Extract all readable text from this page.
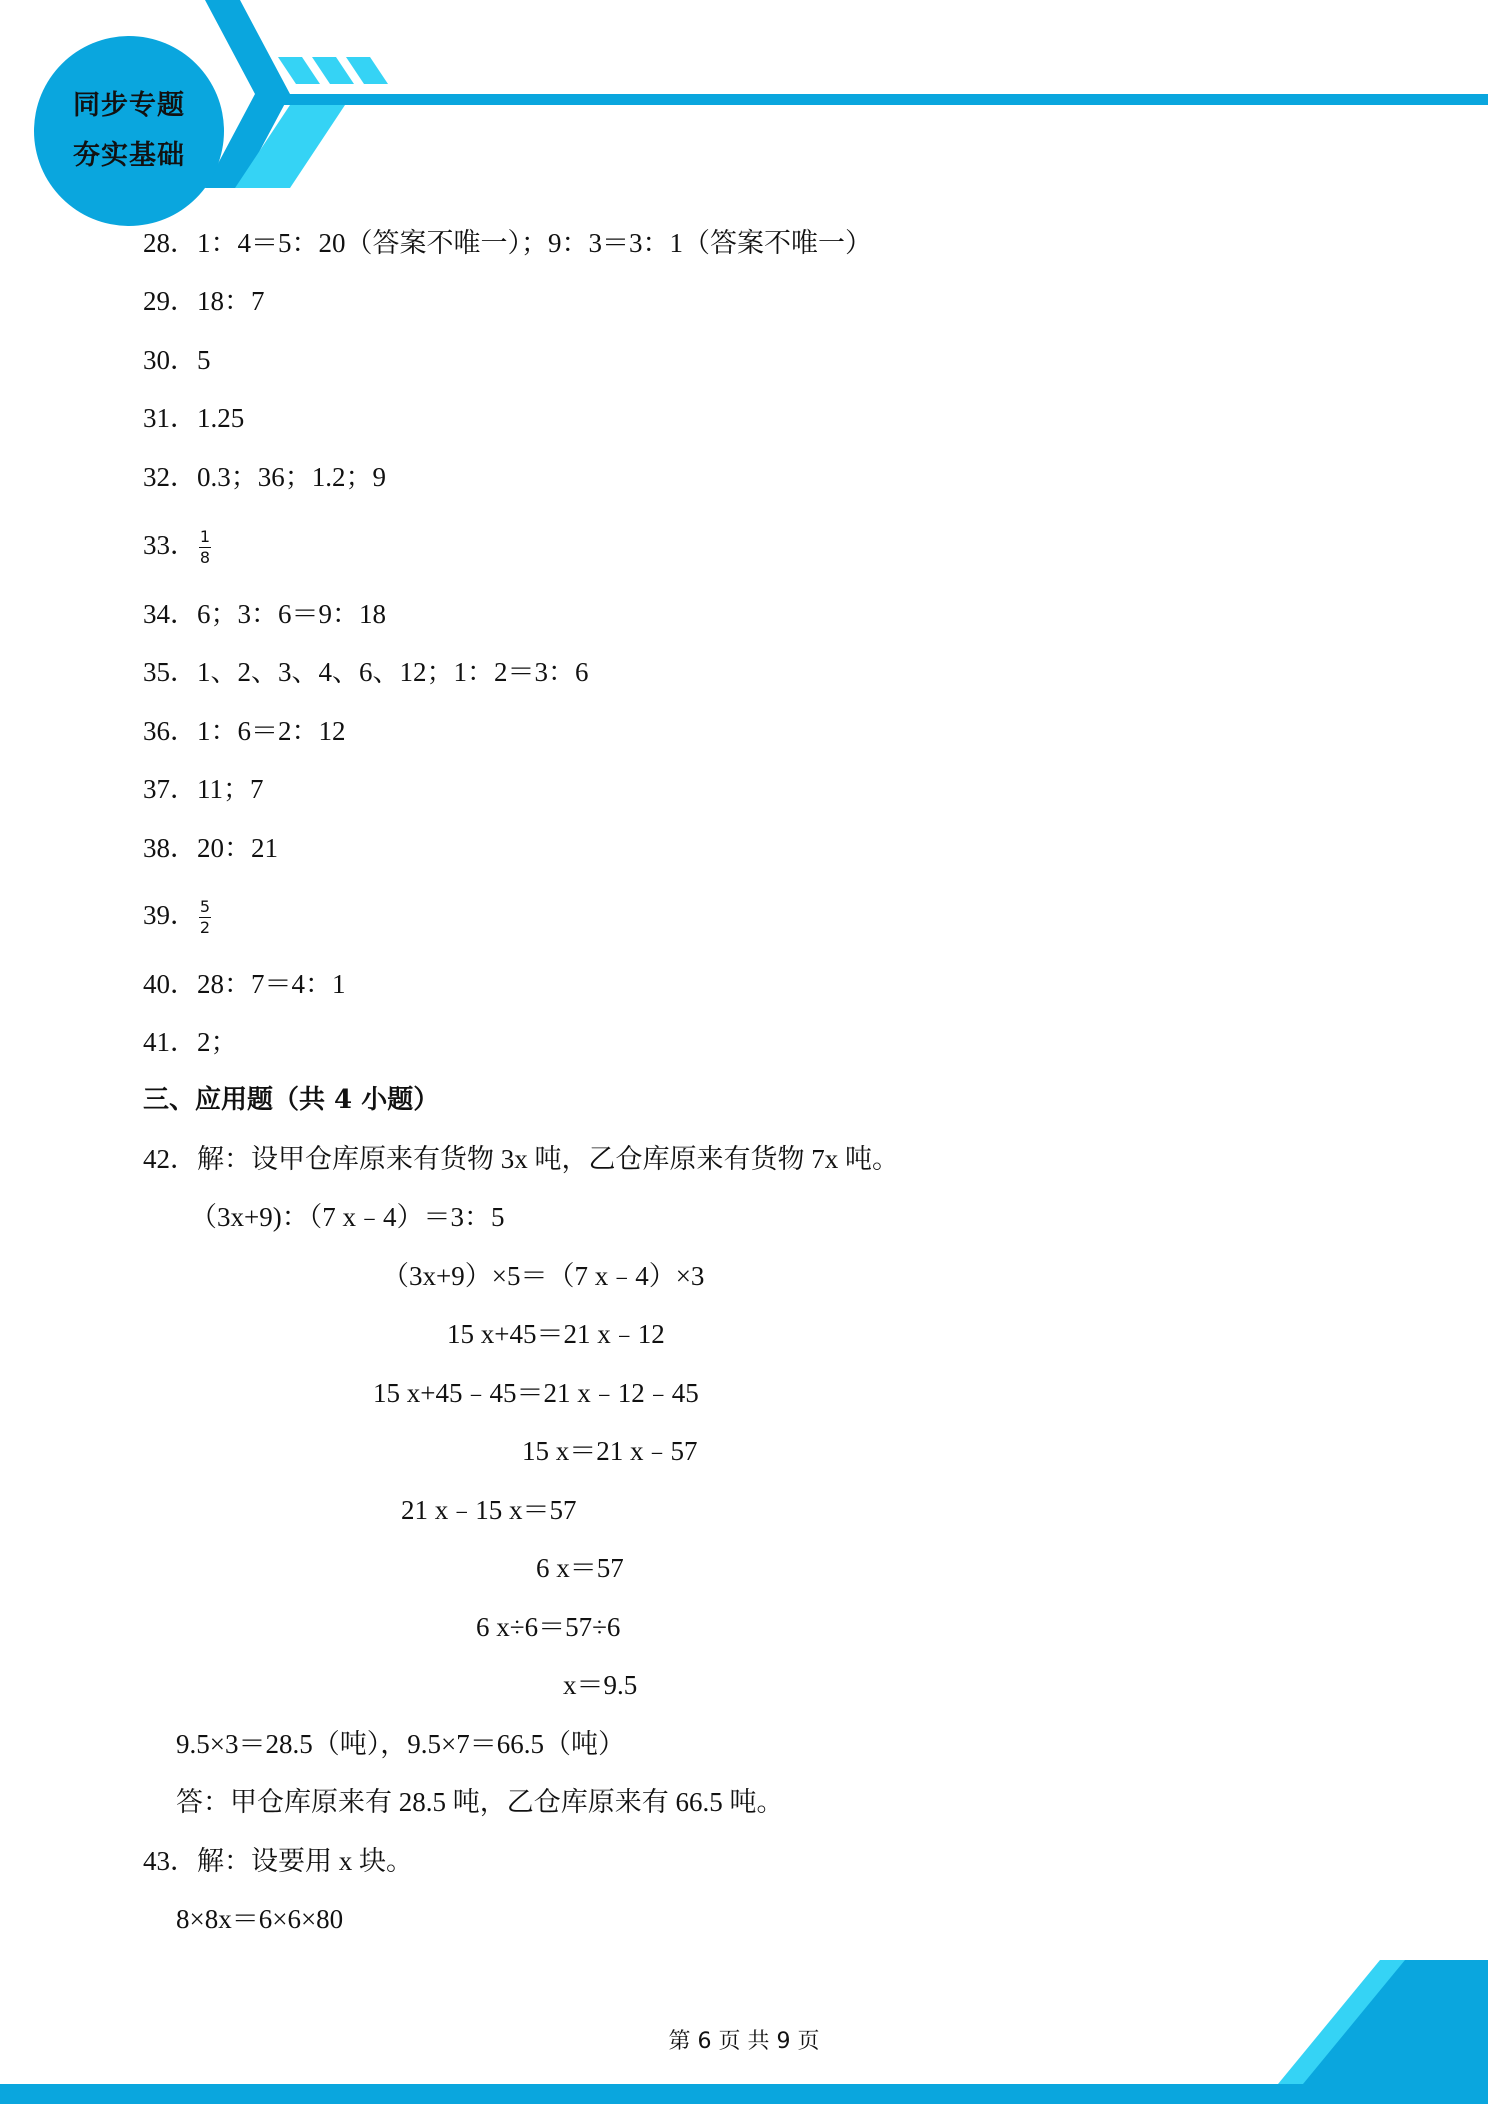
同步专题
夯实基础
28．1：4＝5：20（答案不唯一）；9：3＝3：1（答案不唯一）
29．18：7
30．5
31．1.25
32．0.3；36；1.2；9
33． $\frac{1}{8}$
34．6；3：6＝9：18
35．1、2、3、4、6、12；1：2＝3：6
36．1：6＝2：12
37．11；7
38．20：21
39． $\frac{5}{2}$
40．28：7＝4：1
41．2；
三、应用题（共 4 小题）
42．解：设甲仓库原来有货物 3x 吨，乙仓库原来有货物 7x 吨。
（3x+9)：（7 x﹣4）＝3：5
（3x+9）×5＝（7 x﹣4）×3
15 x+45＝21 x﹣12
15 x+45﹣45＝21 x﹣12﹣45
15 x＝21 x﹣57
21 x﹣15 x＝57
6 x＝57
6 x÷6＝57÷6
x＝9.5
9.5×3＝28.5（吨），9.5×7＝66.5（吨）
答：甲仓库原来有 28.5 吨，乙仓库原来有 66.5 吨。
43．解：设要用 x 块。
8×8x＝6×6×80
第 6 页 共 9 页
